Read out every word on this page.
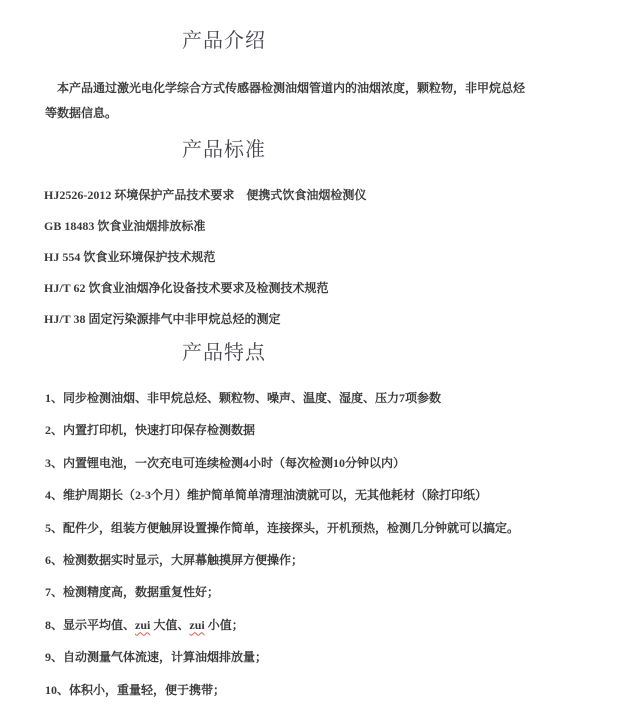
产品介绍

本产品通过激光电化学综合方式传感器检测油烟管道内的油烟浓度，颗粒物，非甲烷总烃等数据信息。

产品标准
HJ2526-2012 环境保护产品技术要求　便携式饮食油烟检测仪
GB 18483 饮食业油烟排放标准
HJ 554 饮食业环境保护技术规范
HJ/T 62 饮食业油烟净化设备技术要求及检测技术规范
HJ/T 38 固定污染源排气中非甲烷总烃的测定
产品特点
1、同步检测油烟、非甲烷总烃、颗粒物、噪声、温度、湿度、压力7项参数
2、内置打印机，快速打印保存检测数据
3、内置锂电池，一次充电可连续检测4小时（每次检测10分钟以内）
4、维护周期长（2-3个月）维护简单简单清理油渍就可以，无其他耗材（除打印纸）
5、配件少，组装方便触屏设置操作简单，连接探头，开机预热，检测几分钟就可以搞定。
6、检测数据实时显示，大屏幕触摸屏方便操作；
7、检测精度高，数据重复性好；
8、显示平均值、zui 大值、zui 小值；
9、自动测量气体流速，计算油烟排放量；
10、体积小，重量轻，便于携带；
